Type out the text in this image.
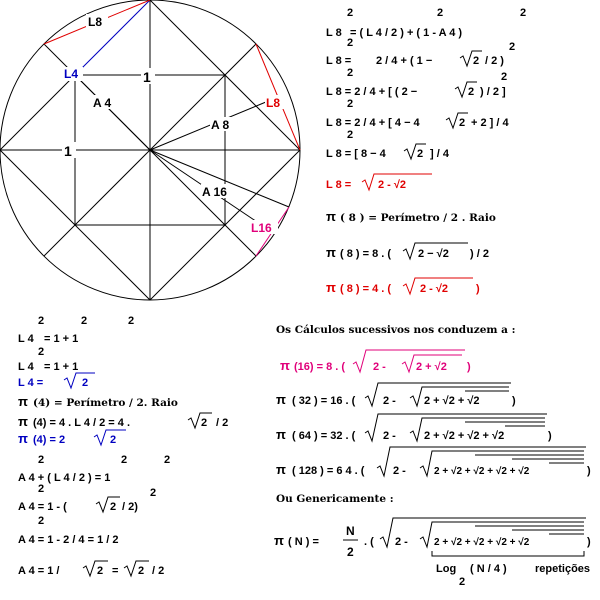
L8
L4	1
1
A 4
A 8
L8
A 16
L16
2	2	2
L 8 = ( L 4 / 2 ) + ( 1 - A 4 )
2	2
L 8 = 2 / 4 + ( 1 −	2 / 2 )
2	2
L 8 = 2 / 4 + [ ( 2 −	2 ) / 2 ]
2
L 8 = 2 / 4 + [ 4 − 4	2 + 2 ] / 4
2
L 8 = [ 8 − 4	2 ] / 4
L 8 = 2 - √2
π ( 8 ) = Perímetro / 2 . Raio
π ( 8 ) = 8 . ( 2 − √2 ) / 2
π ( 8 ) = 4 . (	2 - √2	)
2	2	2
L 4 = 1 + 1
2
L 4 = 1 + 1
L 4 =	2
π (4) = Perímetro / 2. Raio
π (4) = 4 . L 4 / 2 = 4 .	2 / 2
π (4) = 2	2
2	2	2
A 4 + ( L 4 / 2 ) = 1
2	2
A 4 = 1 - (	2 / 2)
2
A 4 = 1 - 2 / 4 = 1 / 2
A 4 = 1 /	2 = 2 / 2
Os Cálculos sucessivos nos conduzem a :
π (16) = 8 . (	2 -	2 + √2 )
π ( 32 ) = 16 . (	2 -	2 + √2 + √2	)
π ( 64 ) = 32 . (	2 -	2 + √2 + √2 + √2	)
π ( 128 ) = 6 4 . (	2 -	2 + √2 + √2 + √2 + √2	)
Ou Genericamente :
π ( N ) =
N
2
. ( 2 -	2 + √2 + √2 + √2 + √2	)
Log
2
( N / 4 )	repetições
